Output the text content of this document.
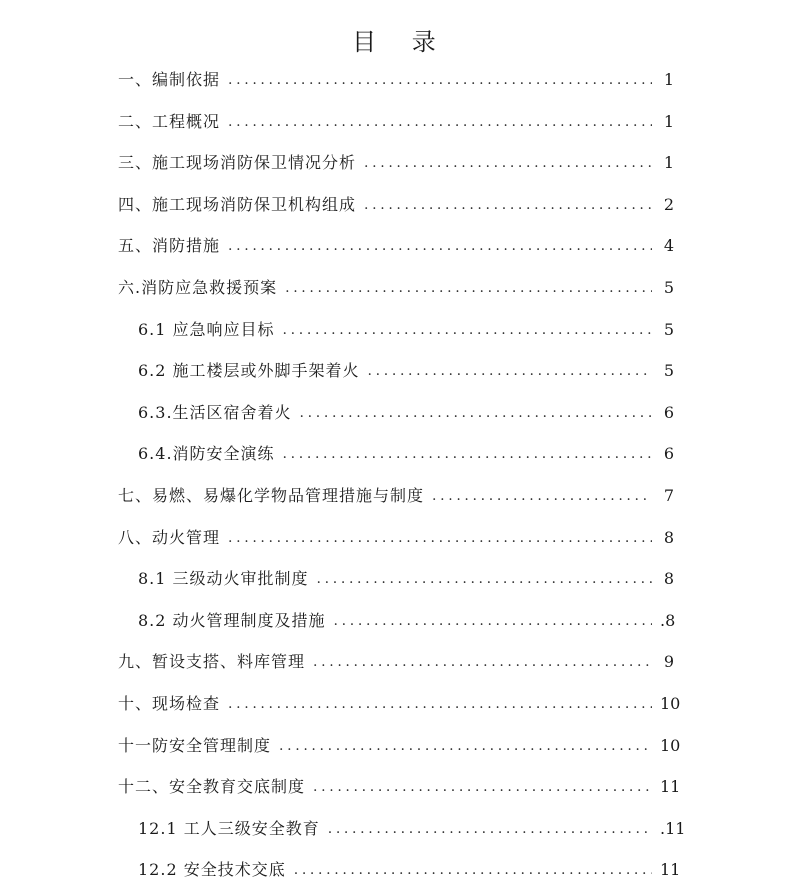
目 录
一、编制依据 . . .	1
二、工程概况 . . .	1
三、施工现场消防保卫情况分析 . . .	1
四、施工现场消防保卫机构组成 . . .	2
五、消防措施 . . .	4
六.消防应急救援预案 . . .	5
6.1 应急响应目标 . . .	5
6.2 施工楼层或外脚手架着火 . . .	5
6.3.生活区宿舍着火 . . .	6
6.4.消防安全演练 . . .	6
七、易燃、易爆化学物品管理措施与制度 . . .	7
八、动火管理 . . .	8
8.1 三级动火审批制度 . . .	8
8.2 动火管理制度及措施 . . .	.8
九、暂设支搭、料库管理 . . .	9
十、现场检查 . . .	10
十一防安全管理制度 . . .	10
十二、安全教育交底制度 . . .	11
12.1 工人三级安全教育 . . .	.11
12.2 安全技术交底 . . .	11
